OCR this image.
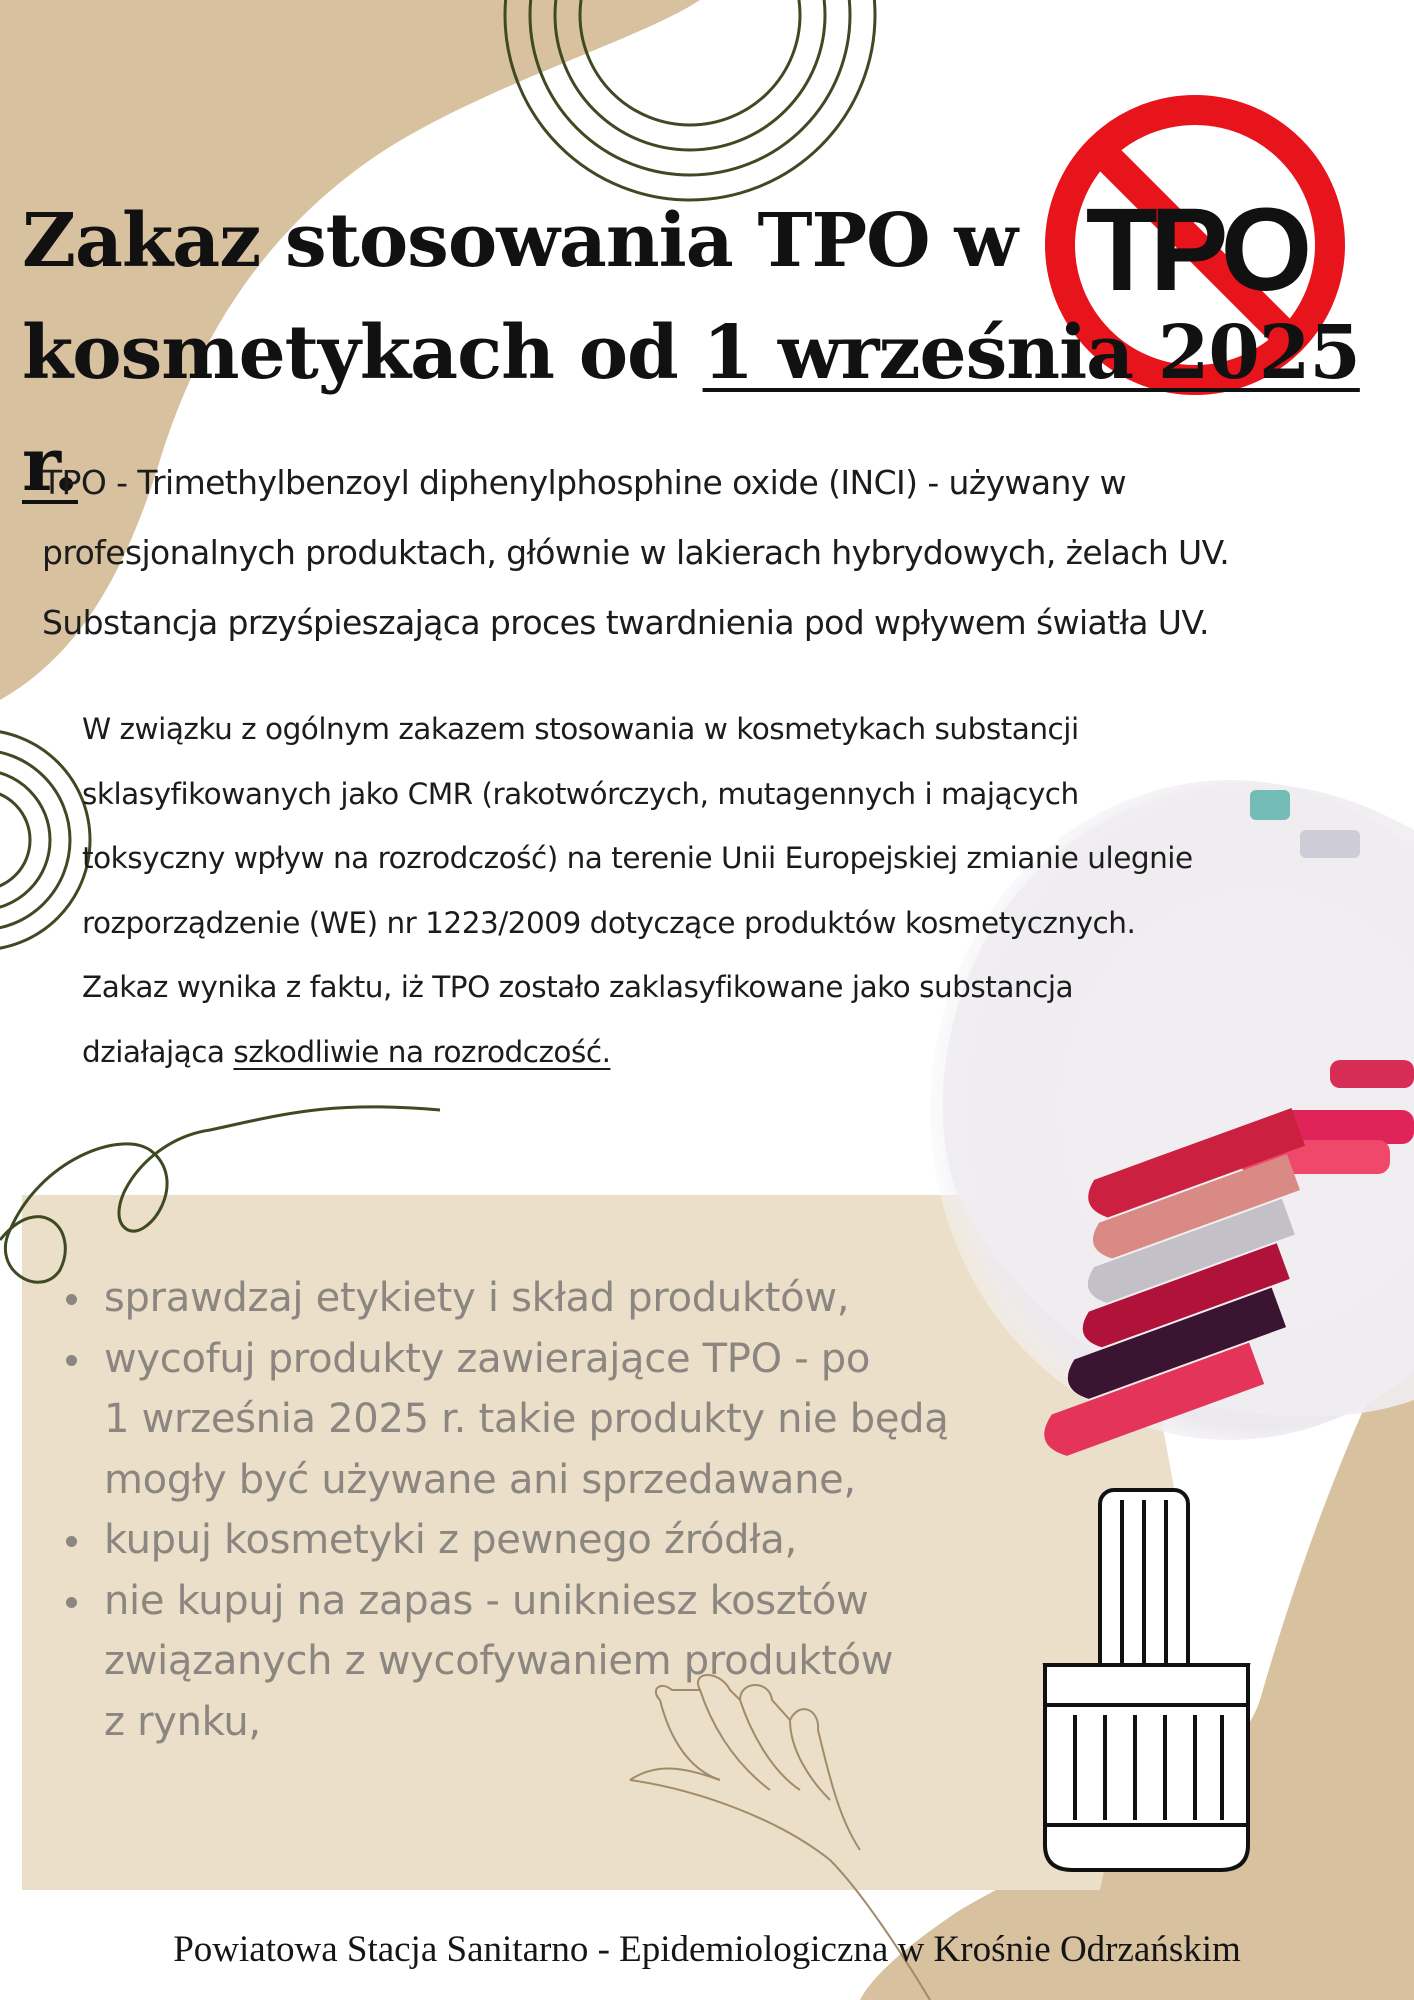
TPO
Zakaz stosowania TPO w
kosmetykach od 1 września 2025 r.

TPO - Trimethylbenzoyl diphenylphosphine oxide (INCI) - używany w
profesjonalnych produktach, głównie w lakierach hybrydowych, żelach UV.
Substancja przyśpieszająca proces twardnienia pod wpływem światła UV.

W związku z ogólnym zakazem stosowania w kosmetykach substancji
sklasyfikowanych jako CMR (rakotwórczych, mutagennych i mających
toksyczny wpływ na rozrodczość) na terenie Unii Europejskiej zmianie ulegnie
rozporządzenie (WE) nr 1223/2009 dotyczące produktów kosmetycznych.
Zakaz wynika z faktu, iż TPO zostało zaklasyfikowane jako substancja
działająca szkodliwie na rozrodczość.

sprawdzaj etykiety i skład produktów,
wycofuj produkty zawierające TPO - po
1 września 2025 r. takie produkty nie będą
mogły być używane ani sprzedawane,
kupuj kosmetyki z pewnego źródła,
nie kupuj na zapas - unikniesz kosztów
związanych z wycofywaniem produktów
z rynku,

Powiatowa Stacja Sanitarno - Epidemiologiczna w Krośnie Odrzańskim
